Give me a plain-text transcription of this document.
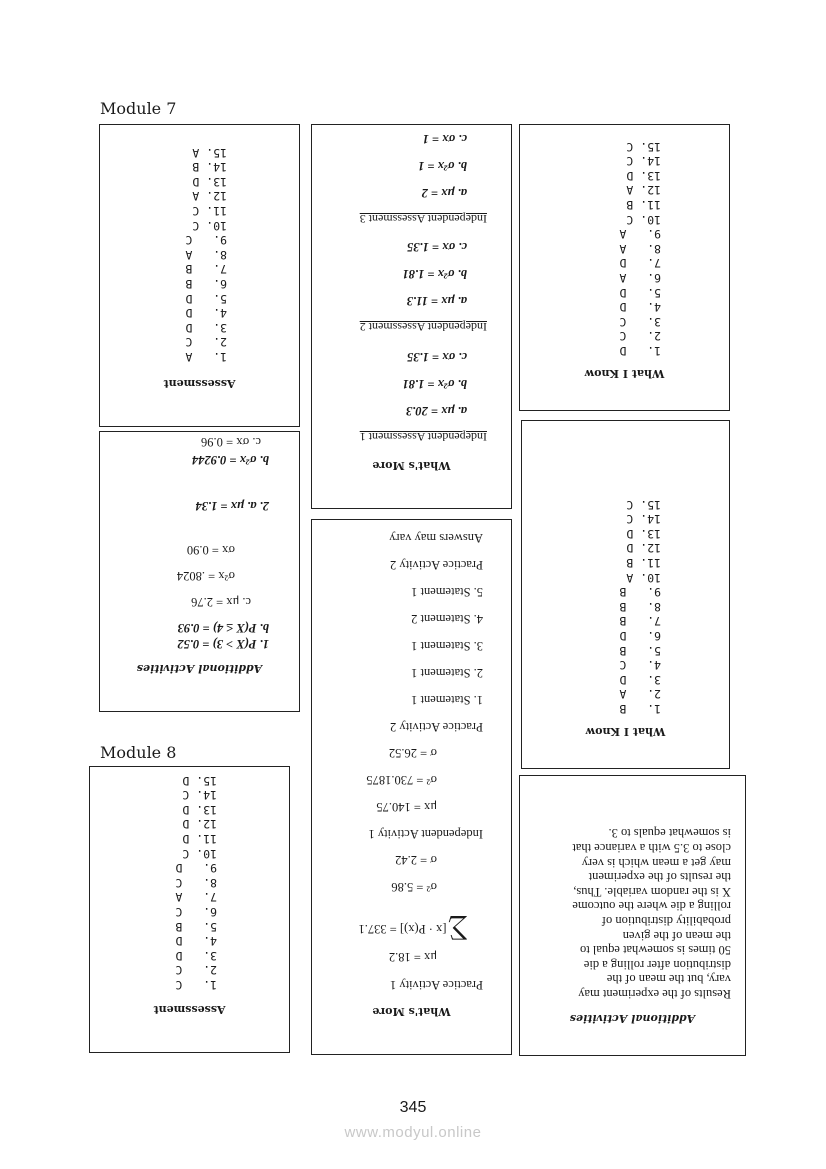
Module 7
Module 8

Assessment

1.   A
2.   C
3.   D
4.   D
5.   D
6.   B
7.   B
8.   A
9.   C
10. C
11. C
12. A
13. D
14. B
15. A

What's More

Independent Assessment 1
a. μx = 20.3
b. σ²x = 1.81
c. σx = 1.35
Independent Assessment 2
a. μx = 11.3
b. σ²x = 1.81
c. σx = 1.35
Independent Assessment 3
a. μx = 2
b. σ²x = 1
c. σx = 1

What I Know

1.   D
2.   C
3.   C
4.   D
5.   D
6.   A
7.   D
8.   A
9.   A
10. C
11. B
12. A
13. D
14. C
15. C

Additional Activities

1. P(X > 3) = 0.52
b. P(X ≤ 4) = 0.93
c. μx = 2.76
σ²x = .8024
σx = 0.90
2. a. μx = 1.34
b. σ²x = 0.9244
c. σx = 0.96

What I Know

1.   B
2.   A
3.   D
4.   C
5.   B
6.   D
7.   B
8.   B
9.   B
10. A
11. B
12. D
13. D
14. C
15. C

What's More

Practice Activity 1
μx = 18.2
∑
[x · P(x)] = 337.1
σ² = 5.86
σ = 2.42
Independent Activity 1
μx = 140.75
σ² = 730.1875
σ = 26.52
Practice Activity 2
1. Statement 1
2. Statement 1
3. Statement 1
4. Statement 2
5. Statement 1
Practice Activity 2
Answers may vary

Additional Activities

Results of the experiment may vary, but the mean of the distribution after rolling a die 50 times is somewhat equal to the mean of the given probability distribution of rolling a die where the outcome X is the random variable. Thus, the results of the experiment may get a mean which is very close to 3.5 with a variance that is somewhat equals to 3.

Assessment

1.   C
2.   C
3.   D
4.   D
5.   B
6.   C
7.   A
8.   C
9.   D
10. C
11. D
12. D
13. D
14. C
15. D
345
www.modyul.online
